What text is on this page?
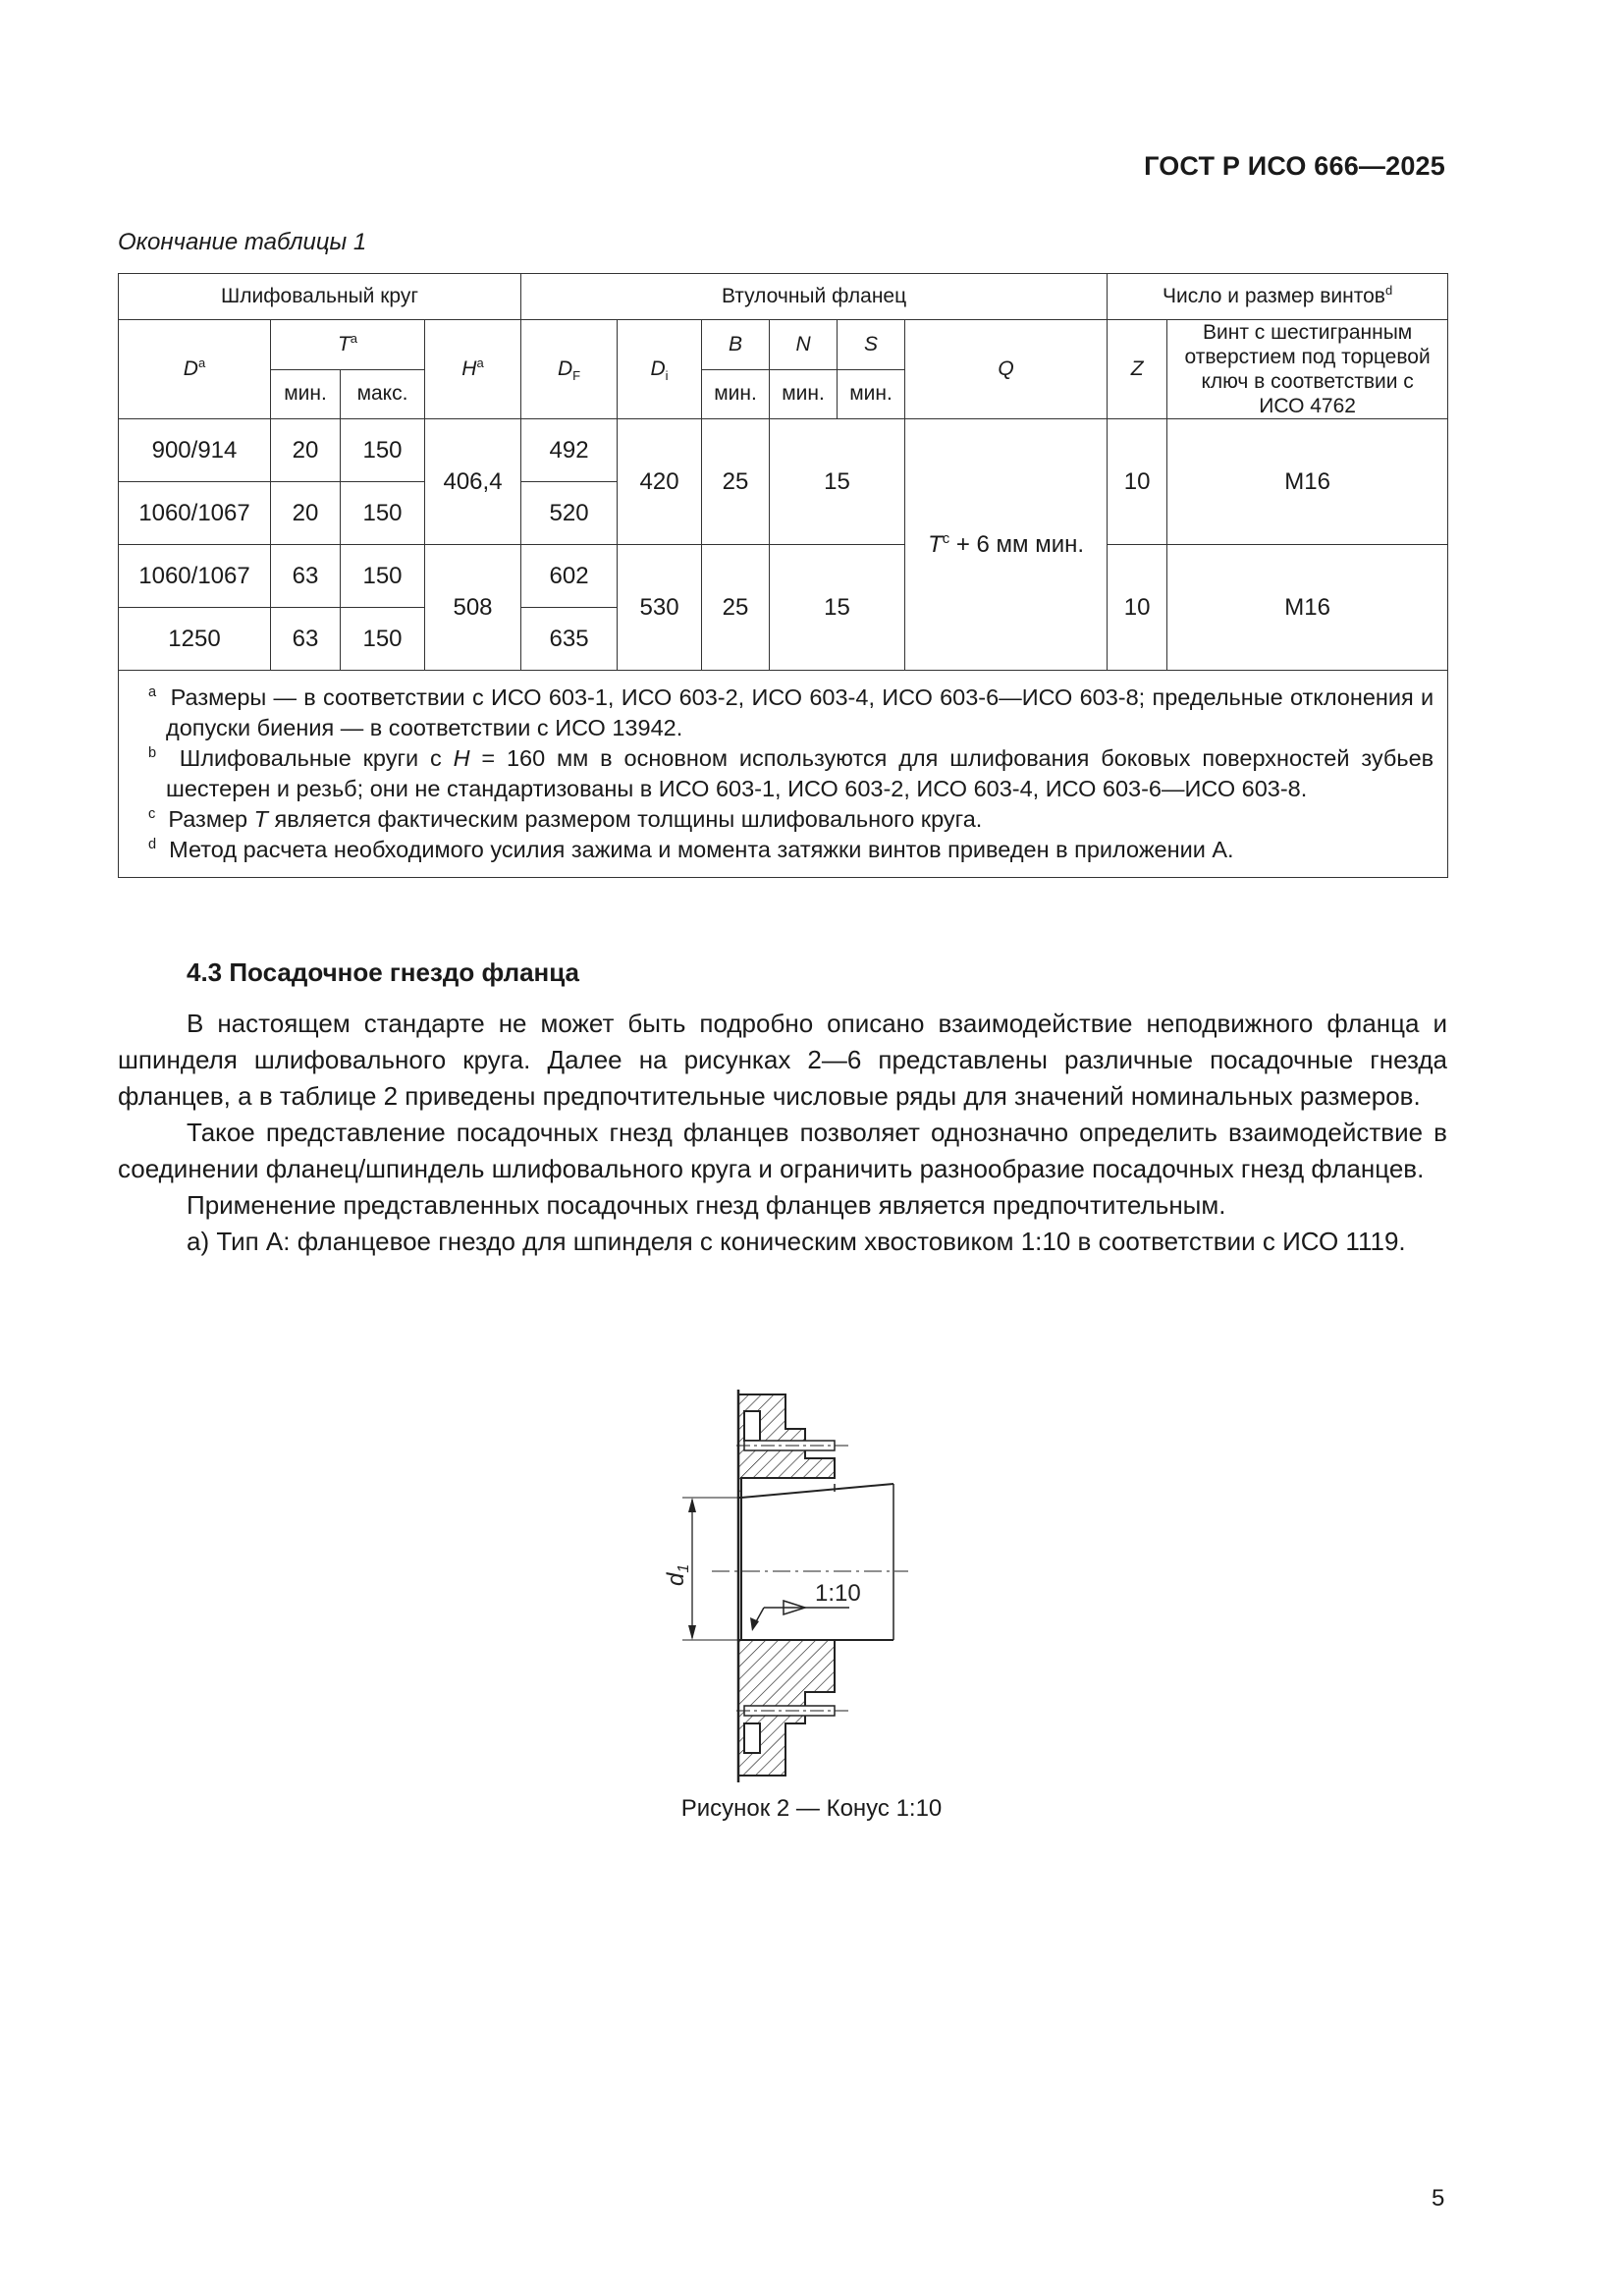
ГОСТ Р ИСО 666—2025
Окончание таблицы 1
Шлифовальный круг				Втулочный фланец						Число и размер винтов$^d$
$D^a$	$T^a$		$H^a$	$D_F$	$D_i$	B	N	S	Q	Z	Винт с шестигранным отверстием под торцевой ключ в соответствии с ИСО 4762
	мин.	макс.				мин.	мин.	мин.			
900/914	20	150	406,4	492	420	25	15		$T^c + 6$ мм мин.	10	M16
1060/1067	20	150		520							
1060/1067	63	150	508	602	530	25	15			10	M16
1250	63	150		635							

$^a$ Размеры — в соответствии с ИСО 603-1, ИСО 603-2, ИСО 603-4, ИСО 603-6—ИСО 603-8; предельные отклонения и допуски биения — в соответствии с ИСО 13942.
$^b$ Шлифовальные круги с H = 160 мм в основном используются для шлифования боковых поверхностей зубьев шестерен и резьб; они не стандартизованы в ИСО 603-1, ИСО 603-2, ИСО 603-4, ИСО 603-6—ИСО 603-8.
$^c$ Размер T является фактическим размером толщины шлифовального круга.
$^d$ Метод расчета необходимого усилия зажима и момента затяжки винтов приведен в приложении А.											
4.3 Посадочное гнездо фланца

В настоящем стандарте не может быть подробно описано взаимодействие неподвижного фланца и шпинделя шлифовального круга. Далее на рисунках 2—6 представлены различные посадочные гнезда фланцев, а в таблице 2 приведены предпочтительные числовые ряды для значений номинальных размеров.

Такое представление посадочных гнезд фланцев позволяет однозначно определить взаимодействие в соединении фланец/шпиндель шлифовального круга и ограничить разнообразие посадочных гнезд фланцев.

Применение представленных посадочных гнезд фланцев является предпочтительным.

а) Тип А: фланцевое гнездо для шпинделя с коническим хвостовиком 1:10 в соответствии с ИСО 1119.

$d_1$
1:10
Рисунок 2 — Конус 1:10
5
